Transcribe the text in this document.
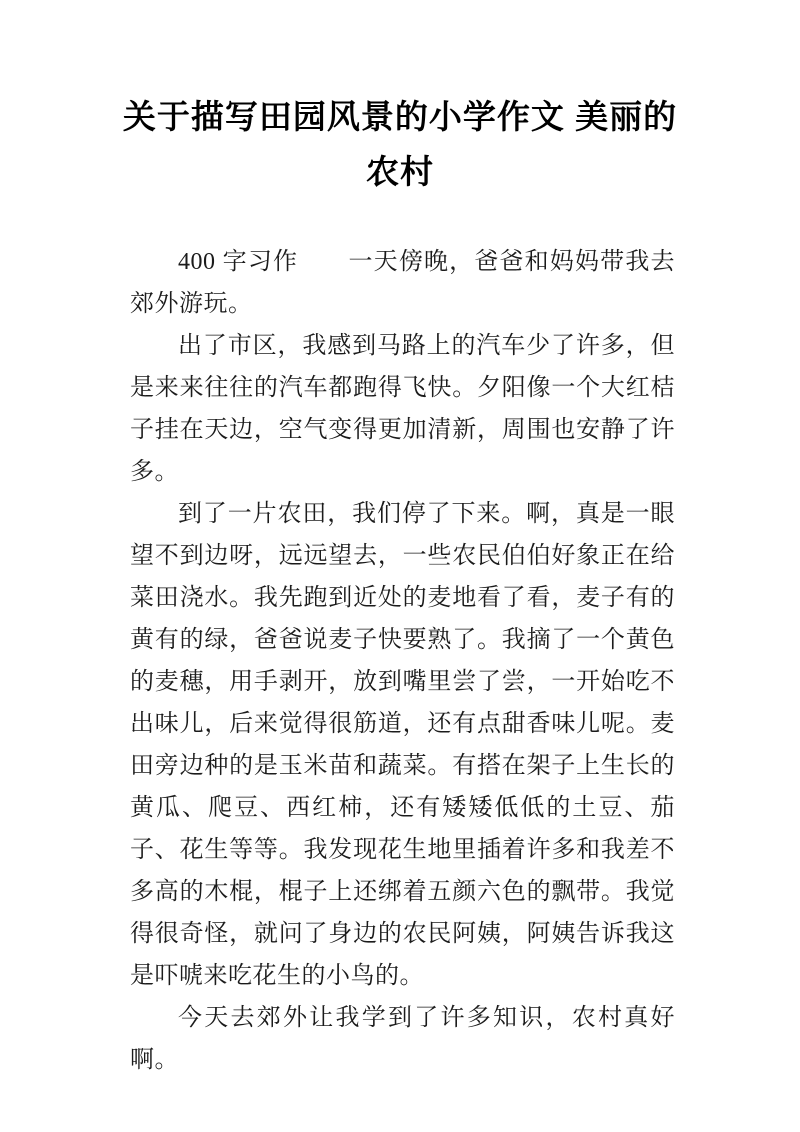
关于描写田园风景的小学作文 美丽的
农村

400 字习作　　一天傍晚，爸爸和妈妈带我去郊外游玩。

出了市区，我感到马路上的汽车少了许多，但是来来往往的汽车都跑得飞快。夕阳像一个大红桔子挂在天边，空气变得更加清新，周围也安静了许多。

到了一片农田，我们停了下来。啊，真是一眼望不到边呀，远远望去，一些农民伯伯好象正在给菜田浇水。我先跑到近处的麦地看了看，麦子有的黄有的绿，爸爸说麦子快要熟了。我摘了一个黄色的麦穗，用手剥开，放到嘴里尝了尝，一开始吃不出味儿，后来觉得很筋道，还有点甜香味儿呢。麦田旁边种的是玉米苗和蔬菜。有搭在架子上生长的黄瓜、爬豆、西红柿，还有矮矮低低的土豆、茄子、花生等等。我发现花生地里插着许多和我差不多高的木棍，棍子上还绑着五颜六色的飘带。我觉得很奇怪，就问了身边的农民阿姨，阿姨告诉我这是吓唬来吃花生的小鸟的。

今天去郊外让我学到了许多知识，农村真好啊。
